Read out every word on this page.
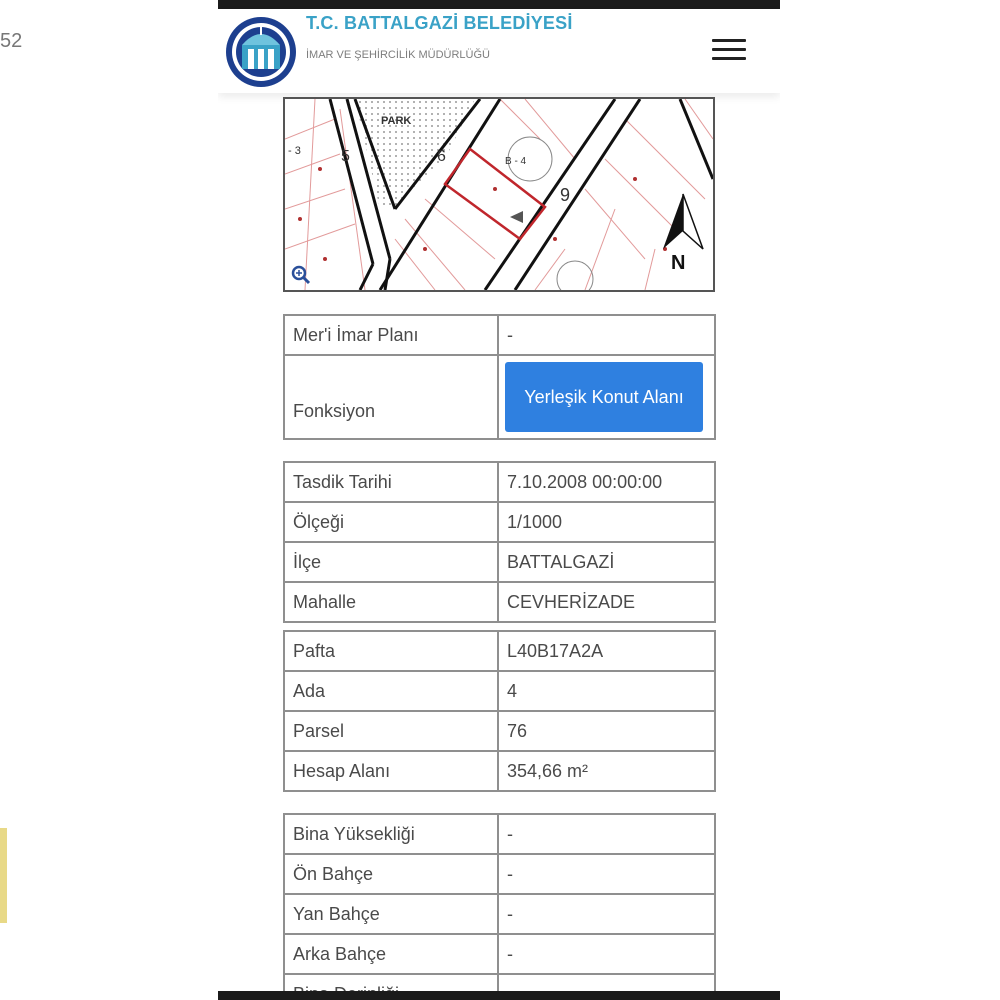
52
T.C. BATTALGAZİ BELEDİYESİ
İMAR VE ŞEHİRCİLİK MÜDÜRLÜĞÜ
PARK
B - 4
9
- 3	5	6
N
Mer'i İmar Planı	-
Fonksiyon	Yerleşik Konut Alanı
Tasdik Tarihi	7.10.2008 00:00:00
Ölçeği	1/1000
İlçe	BATTALGAZİ
Mahalle	CEVHERİZADE
Pafta	L40B17A2A
Ada	4
Parsel	76
Hesap Alanı	354,66 m²
Bina Yüksekliği	-
Ön Bahçe	-
Yan Bahçe	-
Arka Bahçe	-
